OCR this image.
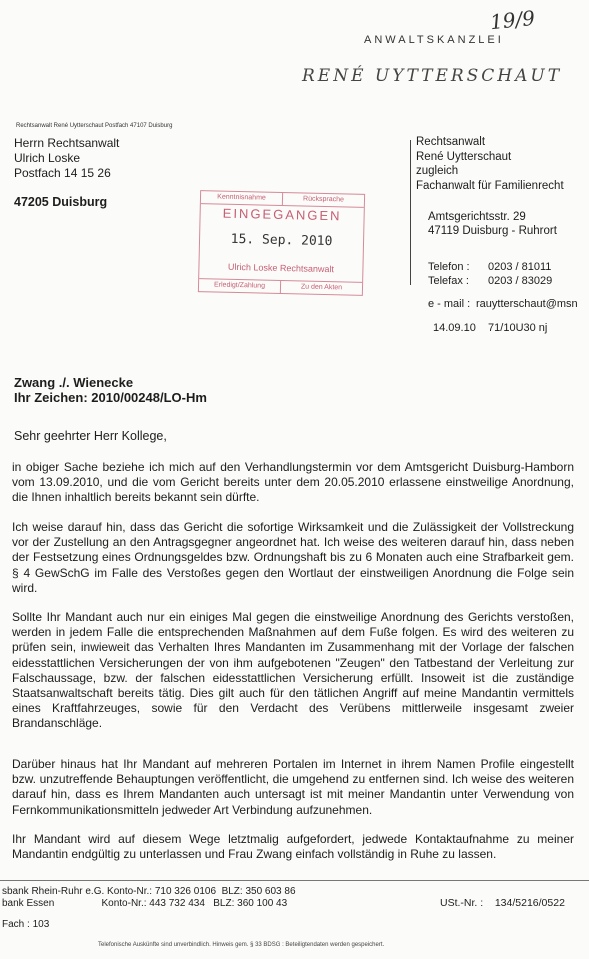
19/9
ANWALTSKANZLEI
RENÉ UYTTERSCHAUT
Rechtsanwalt René Uytterschaut Postfach 47107 Duisburg
Herrn Rechtsanwalt
Ulrich Loske
Postfach 14 15 26
47205 Duisburg	Kenntnisnahme	Rücksprache
EINGEGANGEN
15. Sep. 2010
Ulrich Loske Rechtsanwalt
Erledigt/Zahlung	Zu den Akten
Rechtsanwalt
René Uytterschaut
zugleich
Fachanwalt für Familienrecht
Amtsgerichtsstr. 29
47119 Duisburg - Ruhrort
Telefon : 0203 / 81011
Telefax : 0203 / 83029
e - mail : rauytterschaut@msn
14.09.10    71/10U30 nj
Zwang ./. Wienecke
Ihr Zeichen: 2010/00248/LO-Hm
Sehr geehrter Herr Kollege,
in obiger Sache beziehe ich mich auf den Verhandlungstermin vor dem Amtsgericht Duisburg-Hamborn vom 13.09.2010, und die vom Gericht bereits unter dem 20.05.2010 erlassene einstweilige Anordnung, die Ihnen inhaltlich bereits bekannt sein dürfte.
Ich weise darauf hin, dass das Gericht die sofortige Wirksamkeit und die Zulässigkeit der Vollstreckung vor der Zustellung an den Antragsgegner angeordnet hat. Ich weise des weiteren darauf hin, dass neben der Festsetzung eines Ordnungsgeldes bzw. Ordnungshaft bis zu 6 Monaten auch eine Strafbarkeit gem. § 4 GewSchG im Falle des Verstoßes gegen den Wortlaut der einstweiligen Anordnung die Folge sein wird.
Sollte Ihr Mandant auch nur ein einiges Mal gegen die einstweilige Anordnung des Gerichts verstoßen, werden in jedem Falle die entsprechenden Maßnahmen auf dem Fuße folgen. Es wird des weiteren zu prüfen sein, inwieweit das Verhalten Ihres Mandanten im Zusammenhang mit der Vorlage der falschen eidesstattlichen Versicherungen der von ihm aufgebotenen "Zeugen" den Tatbestand der Verleitung zur Falschaussage, bzw. der falschen eidesstattlichen Versicherung erfüllt. Insoweit ist die zuständige Staatsanwaltschaft bereits tätig. Dies gilt auch für den tätlichen Angriff auf meine Mandantin vermittels eines Kraftfahrzeuges, sowie für den Verdacht des Verübens mittlerweile insgesamt zweier Brandanschläge.
Darüber hinaus hat Ihr Mandant auf mehreren Portalen im Internet in ihrem Namen Profile eingestellt bzw. unzutreffende Behauptungen veröffentlicht, die umgehend zu entfernen sind. Ich weise des weiteren darauf hin, dass es Ihrem Mandanten auch untersagt ist mit meiner Mandantin unter Verwendung von Fernkommunikationsmitteln jedweder Art Verbindung aufzunehmen.
Ihr Mandant wird auf diesem Wege letztmalig aufgefordert, jedwede Kontaktaufnahme zu meiner Mandantin endgültig zu unterlassen und Frau Zwang einfach vollständig in Ruhe zu lassen.
sbank Rhein-Ruhr e.G. Konto-Nr.: 710 326 0106  BLZ: 350 603 86
bank Essen                 Konto-Nr.: 443 732 434   BLZ: 360 100 43	USt.-Nr. :    134/5216/0522
Fach : 103
Telefonische Auskünfte sind unverbindlich. Hinweis gem. § 33 BDSG : Beteiligtendaten werden gespeichert.
